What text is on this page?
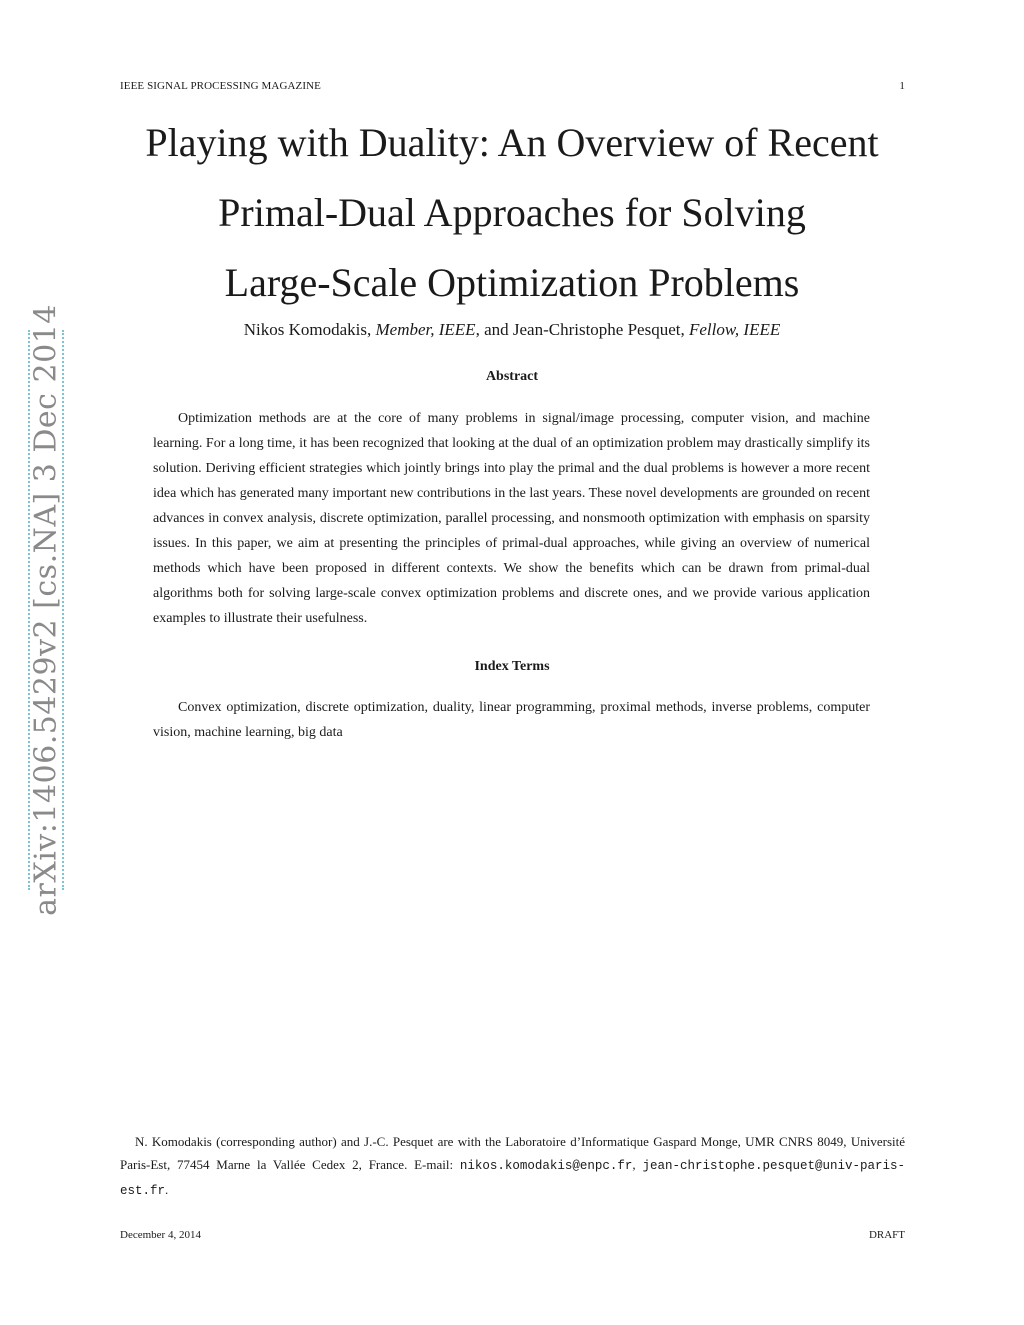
IEEE SIGNAL PROCESSING MAGAZINE	1
arXiv:1406.5429v2 [cs.NA] 3 Dec 2014
Playing with Duality: An Overview of Recent
Primal-Dual Approaches for Solving
Large-Scale Optimization Problems
Nikos Komodakis, Member, IEEE, and Jean-Christophe Pesquet, Fellow, IEEE
Abstract

Optimization methods are at the core of many problems in signal/image processing, computer vision, and machine learning. For a long time, it has been recognized that looking at the dual of an optimization problem may drastically simplify its solution. Deriving efficient strategies which jointly brings into play the primal and the dual problems is however a more recent idea which has generated many important new contributions in the last years. These novel developments are grounded on recent advances in convex analysis, discrete optimization, parallel processing, and nonsmooth optimization with emphasis on sparsity issues. In this paper, we aim at presenting the principles of primal-dual approaches, while giving an overview of numerical methods which have been proposed in different contexts. We show the benefits which can be drawn from primal-dual algorithms both for solving large-scale convex optimization problems and discrete ones, and we provide various application examples to illustrate their usefulness.

Index Terms

Convex optimization, discrete optimization, duality, linear programming, proximal methods, inverse problems, computer vision, machine learning, big data

N. Komodakis (corresponding author) and J.-C. Pesquet are with the Laboratoire d’Informatique Gaspard Monge, UMR CNRS 8049, Université Paris-Est, 77454 Marne la Vallée Cedex 2, France. E-mail: nikos.komodakis@enpc.fr, jean-christophe.pesquet@univ-paris-est.fr.

December 4, 2014	DRAFT
